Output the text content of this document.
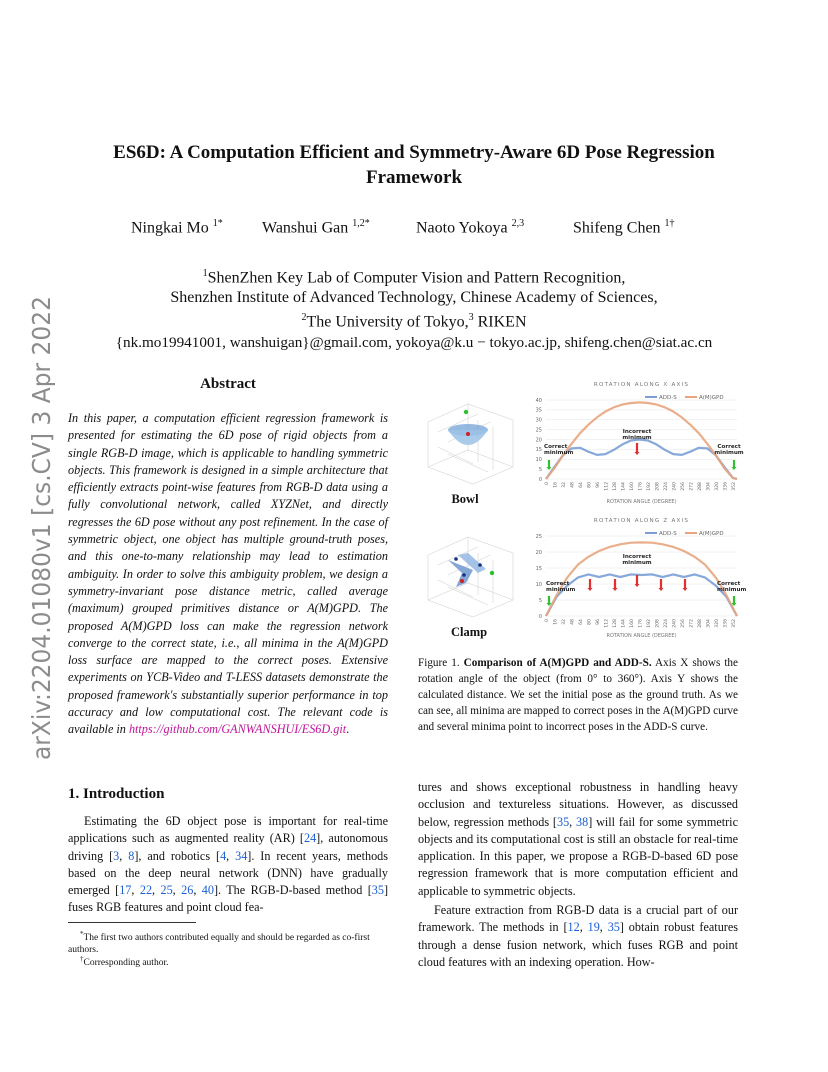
arXiv:2204.01080v1 [cs.CV] 3 Apr 2022
ES6D: A Computation Efficient and Symmetry-Aware 6D Pose Regression
Framework
Ningkai Mo $^{1*}$ Wanshui Gan $^{1,2*}$	Naoto Yokoya $^{2,3}$	Shifeng Chen $^{1\dagger}$
$^1$ShenZhen Key Lab of Computer Vision and Pattern Recognition,
Shenzhen Institute of Advanced Technology, Chinese Academy of Sciences,
$^2$The University of Tokyo,$^3$ RIKEN
{nk.mo19941001, wanshuigan}@gmail.com, yokoya@k.u − tokyo.ac.jp, shifeng.chen@siat.ac.cn
Abstract
In this paper, a computation efficient regression framework is presented for estimating the 6D pose of rigid objects from a single RGB-D image, which is applicable to handling symmetric objects. This framework is designed in a simple architecture that efficiently extracts point-wise features from RGB-D data using a fully convolutional network, called XYZNet, and directly regresses the 6D pose without any post refinement. In the case of symmetric object, one object has multiple ground-truth poses, and this one-to-many relationship may lead to estimation ambiguity. In order to solve this ambiguity problem, we design a symmetry-invariant pose distance metric, called average (maximum) grouped primitives distance or A(M)GPD. The proposed A(M)GPD loss can make the regression network converge to the correct state, i.e., all minima in the A(M)GPD loss surface are mapped to the correct poses. Extensive experiments on YCB-Video and T-LESS datasets demonstrate the proposed framework's substantially superior performance in top accuracy and low computational cost. The relevant code is available in https://github.com/GANWANSHUI/ES6D.git.
1. Introduction
Estimating the 6D object pose is important for real-time applications such as augmented reality (AR) [24], autonomous driving [3, 8], and robotics [4, 34]. In recent years, methods based on the deep neural network (DNN) have gradually emerged [17, 22, 25, 26, 40]. The RGB-D-based method [35] fuses RGB features and point cloud fea-
*The first two authors contributed equally and should be regarded as co-first authors.
†Corresponding author.
tures and shows exceptional robustness in handling heavy occlusion and textureless situations. However, as discussed below, regression methods [35, 38] will fail for some symmetric objects and its computational cost is still an obstacle for real-time application. In this paper, we propose a RGB-D-based 6D pose regression framework that is more computation efficient and applicable to symmetric objects.
Feature extraction from RGB-D data is a crucial part of our framework. The methods in [12, 19, 35] obtain robust features through a dense fusion network, which fuses RGB and point cloud features with an indexing operation. How-
Bowl
Clamp
ROTATION ALONG X AXIS
ADD-S	A(M)GPD
0
5
10
15
20
25
30
35
40
0 16 32 48 64 80 96 112 128 144 160 176 192 208 224 240 256 272 288 304 320 336 352
ROTATION ANGLE (DEGREE)
Correct
minimum
Incorrect
minimum
Correct
minimum
ROTATION ALONG Z AXIS
ADD-S	A(M)GPD
0
5
10
15
20
25
0 16 32 48 64 80 96 112 128 144 160 176 192 208 224 240 256 272 288 304 320 336 352
ROTATION ANGLE (DEGREE)
Correct
minimum
Incorrect
minimum
Correct
minimum
Figure 1. Comparison of A(M)GPD and ADD-S. Axis X shows the rotation angle of the object (from 0° to 360°). Axis Y shows the calculated distance. We set the initial pose as the ground truth. As we can see, all minima are mapped to correct poses in the A(M)GPD curve and several minima point to incorrect poses in the ADD-S curve.
